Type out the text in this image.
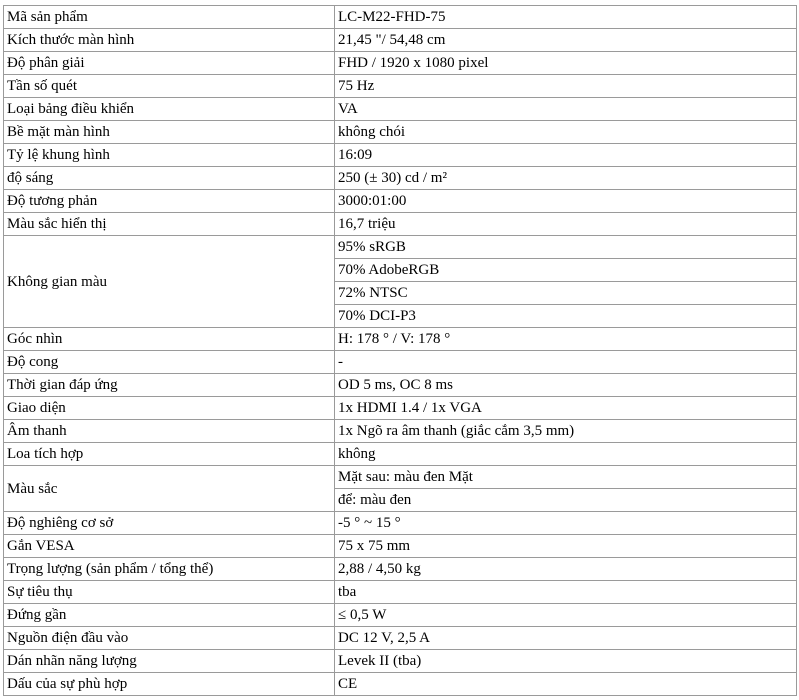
Mã sản phẩm	LC-M22-FHD-75
Kích thước màn hình	21,45 "/ 54,48 cm
Độ phân giải	FHD / 1920 x 1080 pixel
Tần số quét	75 Hz
Loại bảng điều khiển	VA
Bề mặt màn hình	không chói
Tỷ lệ khung hình	16:09
độ sáng	250 (± 30) cd / m²
Độ tương phản	3000:01:00
Màu sắc hiển thị	16,7 triệu
Không gian màu	95% sRGB
	70% AdobeRGB
	72% NTSC
	70% DCI-P3
Góc nhìn	H: 178 ° / V: 178 °
Độ cong	-
Thời gian đáp ứng	OD 5 ms, OC 8 ms
Giao diện	1x HDMI 1.4 / 1x VGA
Âm thanh	1x Ngõ ra âm thanh (giắc cắm 3,5 mm)
Loa tích hợp	không
Màu sắc	Mặt sau: màu đen Mặt
	để: màu đen
Độ nghiêng cơ sở	-5 ° ~ 15 °
Gắn VESA	75 x 75 mm
Trọng lượng (sản phẩm / tổng thể)	2,88 / 4,50 kg
Sự tiêu thụ	tba
Đứng gần	≤ 0,5 W
Nguồn điện đầu vào	DC 12 V, 2,5 A
Dán nhãn năng lượng	Levek II (tba)
Dấu của sự phù hợp	CE
